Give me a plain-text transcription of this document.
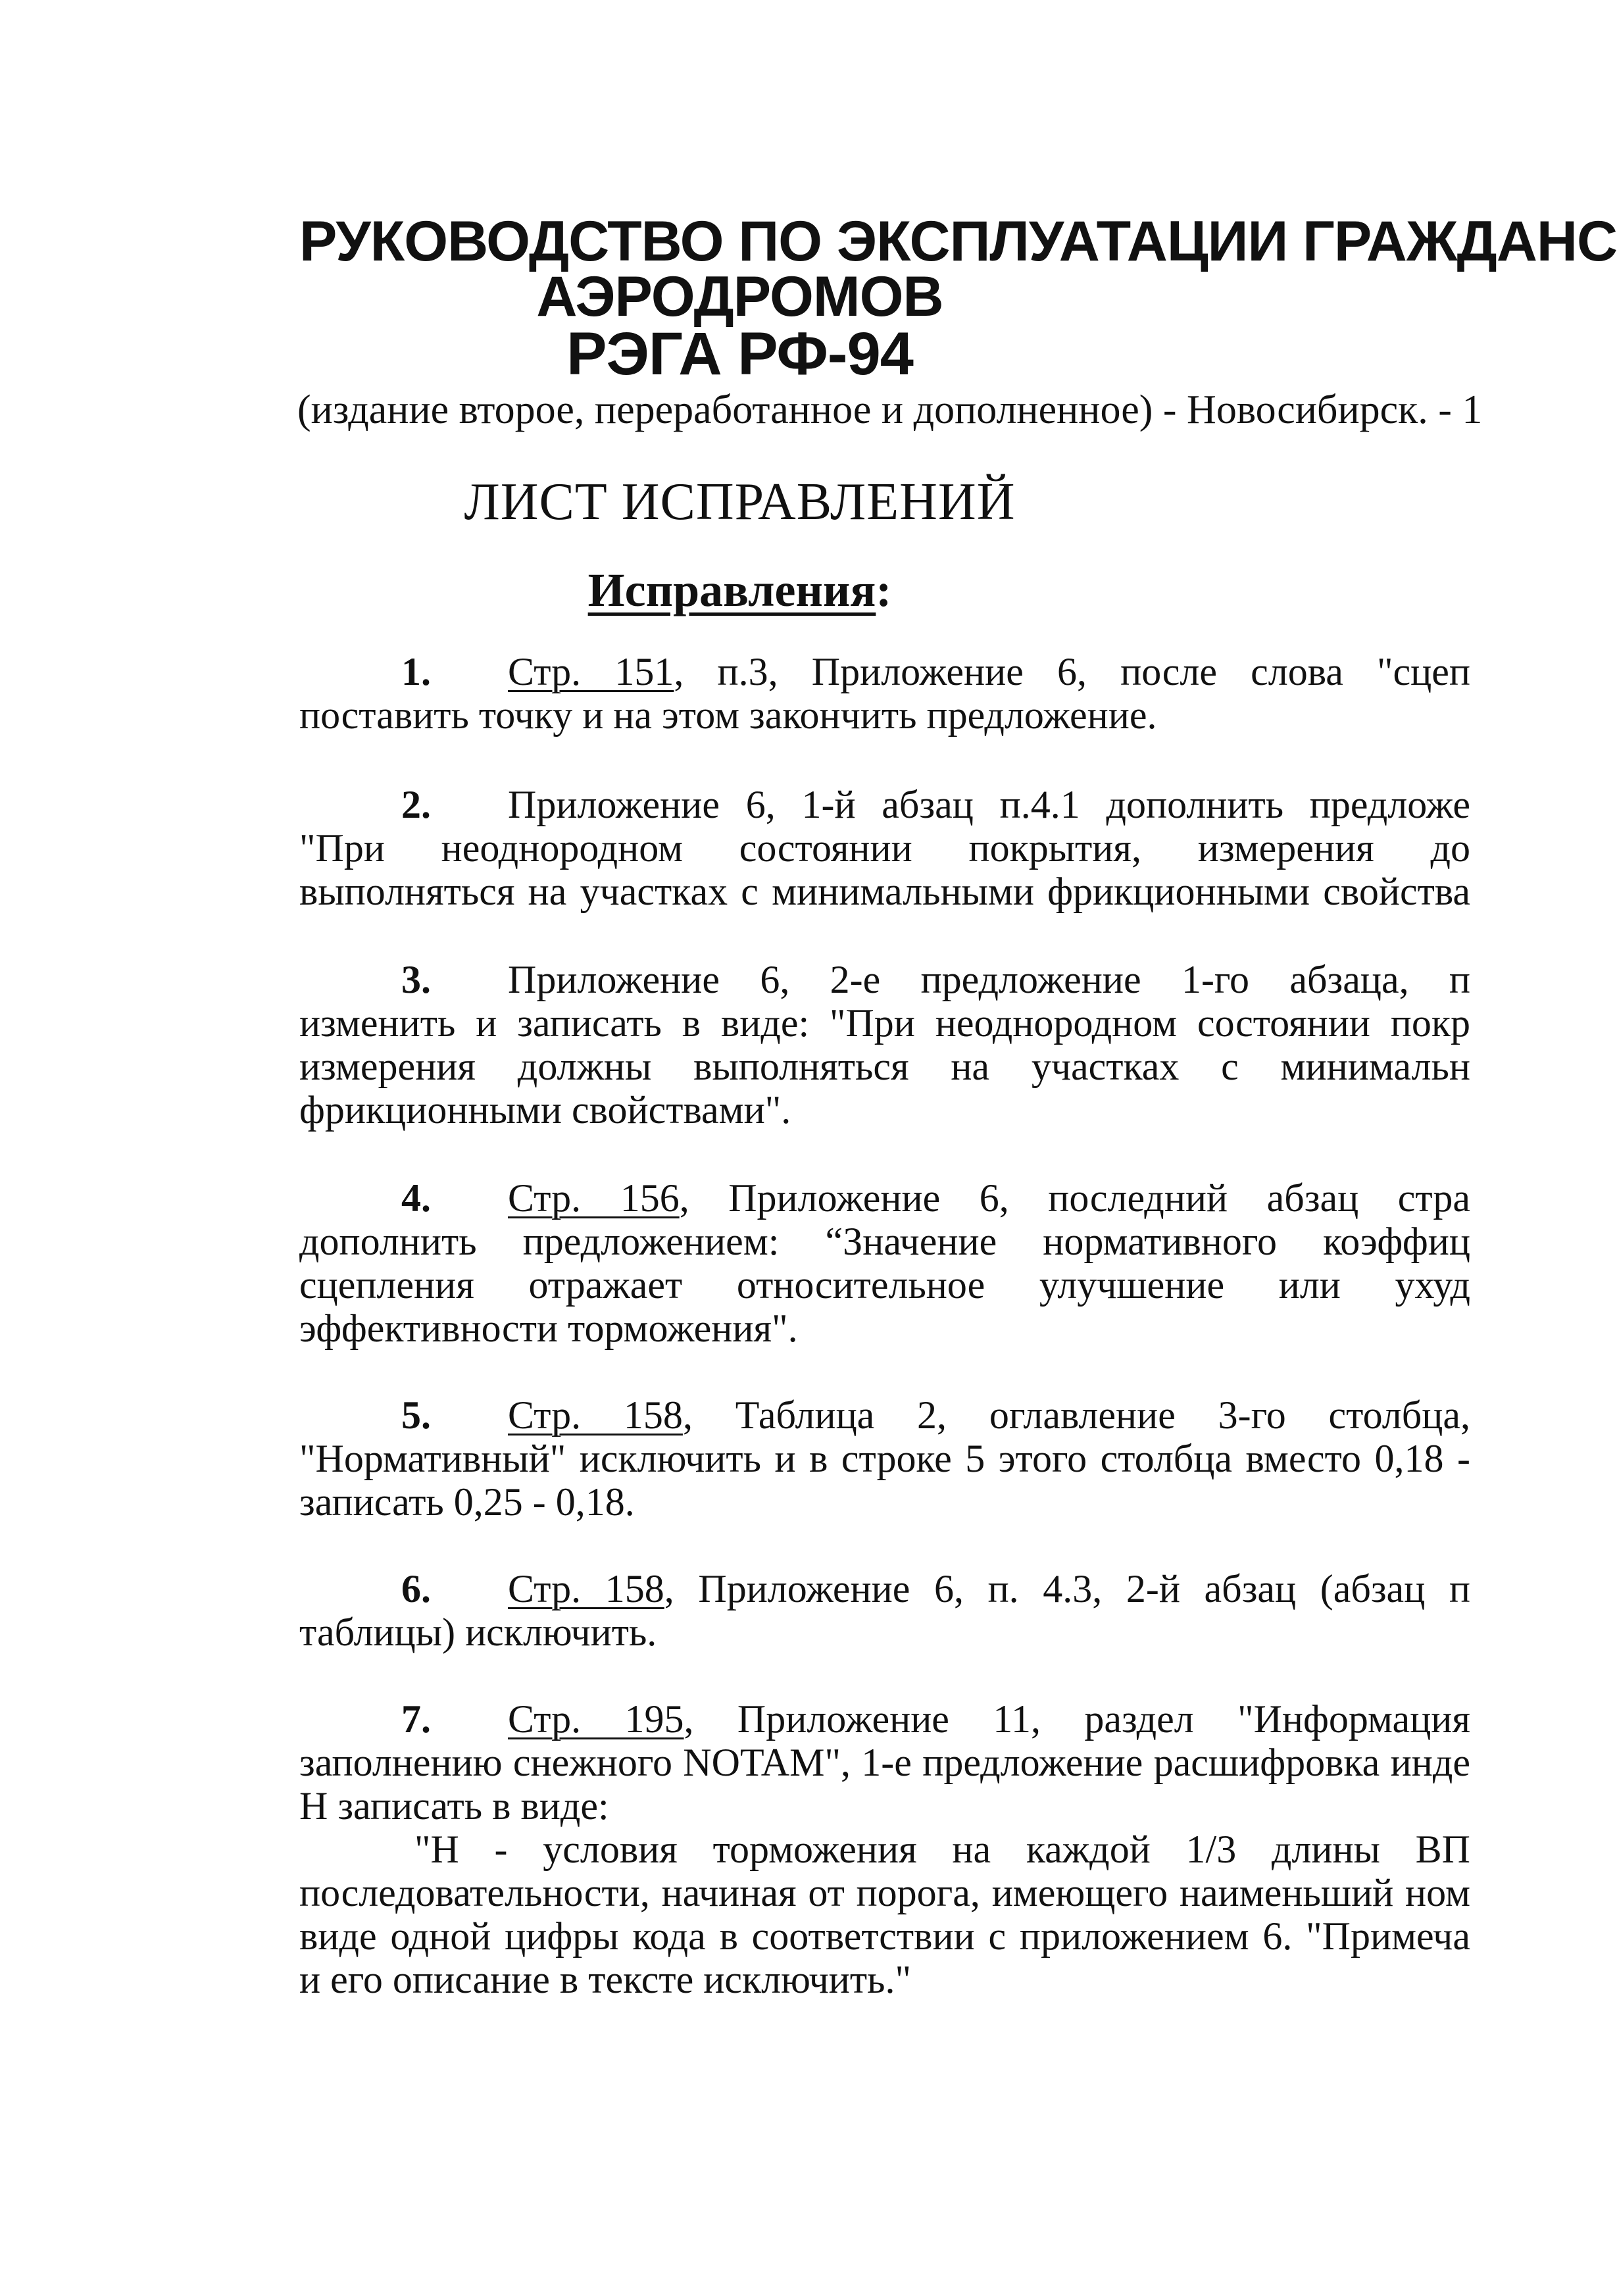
РУКОВОДСТВО ПО ЭКСПЛУАТАЦИИ ГРАЖДАНС
АЭРОДРОМОВ
РЭГА РФ-94
(издание второе, переработанное и дополненное) - Новосибирск. - 1
ЛИСТ ИСПРАВЛЕНИЙ
Исправления:
1. Стр. 151, п.3, Приложение 6, после слова "сцеп
поставить точку и на этом закончить предложение.
2. Приложение 6, 1-й абзац п.4.1 дополнить предложе
"При неоднородном состоянии покрытия, измерения до
выполняться на участках с минимальными фрикционными свойства
3. Приложение 6, 2-е предложение 1-го абзаца, п
изменить и записать в виде: "При неоднородном состоянии покр
измерения должны выполняться на участках с минимальн
фрикционными свойствами".
4. Стр. 156, Приложение 6, последний абзац стра
дополнить предложением: “Значение нормативного коэффиц
сцепления отражает относительное улучшение или ухуд
эффективности торможения".
5. Стр. 158, Таблица 2, оглавление 3-го столбца,
"Нормативный" исключить и в строке 5 этого столбца вместо 0,18 -
записать 0,25 - 0,18.
6. Стр. 158, Приложение 6, п. 4.3, 2-й абзац (абзац п
таблицы) исключить.
7. Стр. 195, Приложение 11, раздел "Информация
заполнению снежного NOTAM", 1-е предложение расшифровка инде
Н записать в виде:
"Н - условия торможения на каждой 1/3 длины ВП
последовательности, начиная от порога, имеющего наименьший ном
виде одной цифры кода в соответствии с приложением 6. "Примеча
и его описание в тексте исключить."
